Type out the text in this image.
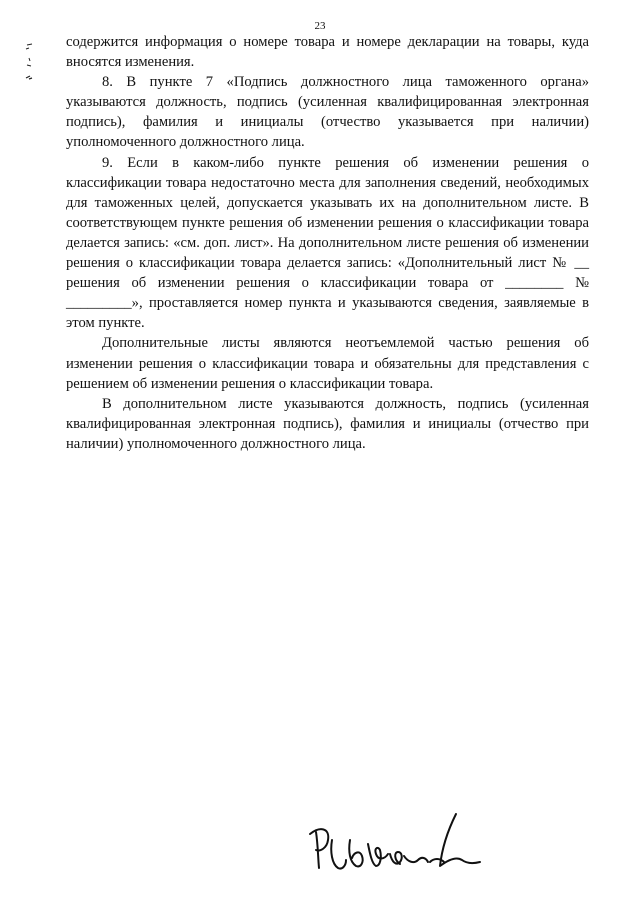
23

содержится информация о номере товара и номере декларации на товары, куда вносятся изменения.

8. В пункте 7 «Подпись должностного лица таможенного органа» указываются должность, подпись (усиленная квалифицированная электронная подпись), фамилия и инициалы (отчество указывается при наличии) уполномоченного должностного лица.

9. Если в каком-либо пункте решения об изменении решения о классификации товара недостаточно места для заполнения сведений, необходимых для таможенных целей, допускается указывать их на дополнительном листе. В соответствующем пункте решения об изменении решения о классификации товара делается запись: «см. доп. лист». На дополнительном листе решения об изменении решения о классификации товара делается запись: «Дополнительный лист № __ решения об изменении решения о классификации товара от ________ № _________», проставляется номер пункта и указываются сведения, заявляемые в этом пункте.

Дополнительные листы являются неотъемлемой частью решения об изменении решения о классификации товара и обязательны для представления с решением об изменении решения о классификации товара.

В дополнительном листе указываются должность, подпись (усиленная квалифицированная электронная подпись), фамилия и инициалы (отчество при наличии) уполномоченного должностного лица.
